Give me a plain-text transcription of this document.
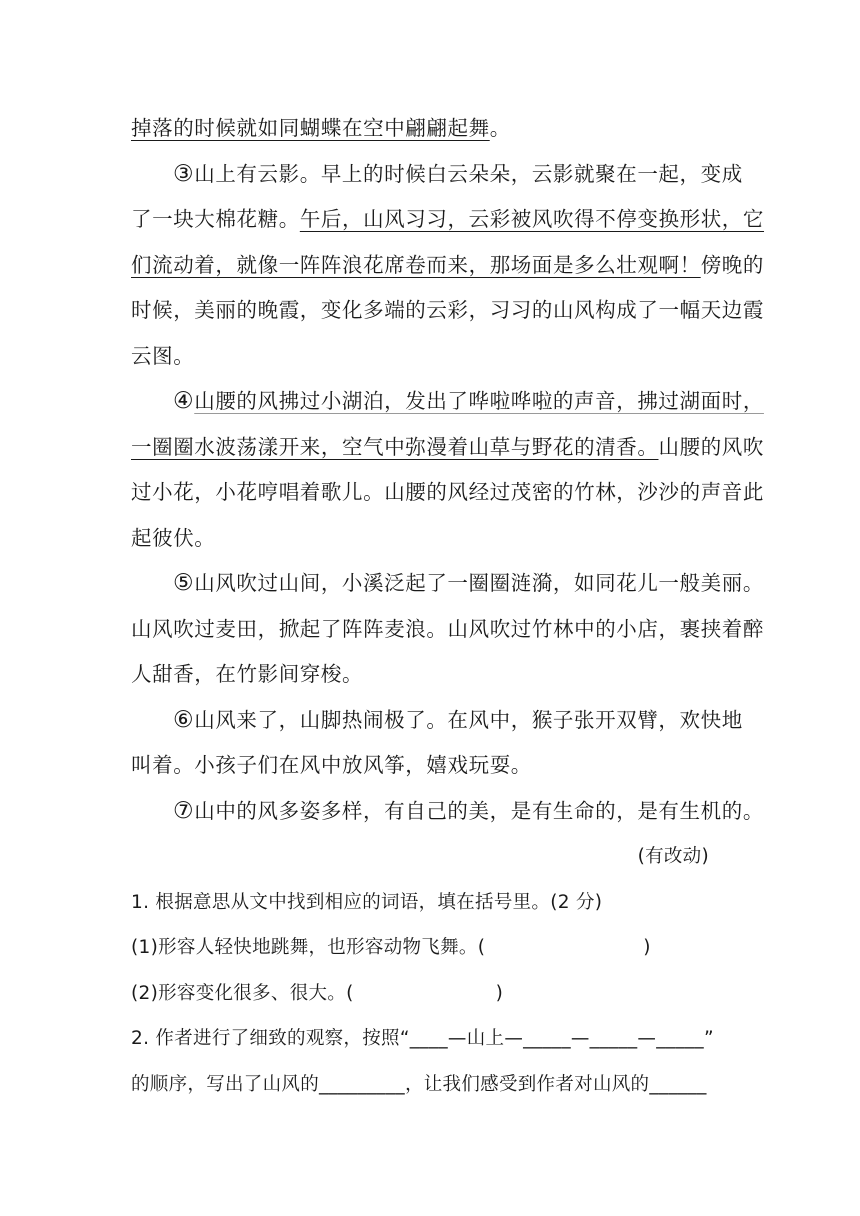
掉落的时候就如同蝴蝶在空中翩翩起舞。
③山上有云影。早上的时候白云朵朵，云影就聚在一起，变成
了一块大棉花糖。午后，山风习习，云彩被风吹得不停变换形状，它
们流动着，就像一阵阵浪花席卷而来，那场面是多么壮观啊！傍晚的
时候，美丽的晚霞，变化多端的云彩，习习的山风构成了一幅天边霞
云图。
④山腰的风拂过小湖泊，发出了哗啦哗啦的声音，拂过湖面时，
一圈圈水波荡漾开来，空气中弥漫着山草与野花的清香。山腰的风吹
过小花，小花哼唱着歌儿。山腰的风经过茂密的竹林，沙沙的声音此
起彼伏。
⑤山风吹过山间，小溪泛起了一圈圈涟漪，如同花儿一般美丽。
山风吹过麦田，掀起了阵阵麦浪。山风吹过竹林中的小店，裹挟着醉
人甜香，在竹影间穿梭。
⑥山风来了，山脚热闹极了。在风中，猴子张开双臂，欢快地
叫着。小孩子们在风中放风筝，嬉戏玩耍。
⑦山中的风多姿多样，有自己的美，是有生命的，是有生机的。
(有改动)
1. 根据意思从文中找到相应的词语，填在括号里。(2 分)
(1)形容人轻快地跳舞，也形容动物飞舞。(	)
(2)形容变化很多、很大。(	)
2. 作者进行了细致的观察，按照“____—山上—_____—_____—_____”
的顺序，写出了山风的_________，让我们感受到作者对山风的______
